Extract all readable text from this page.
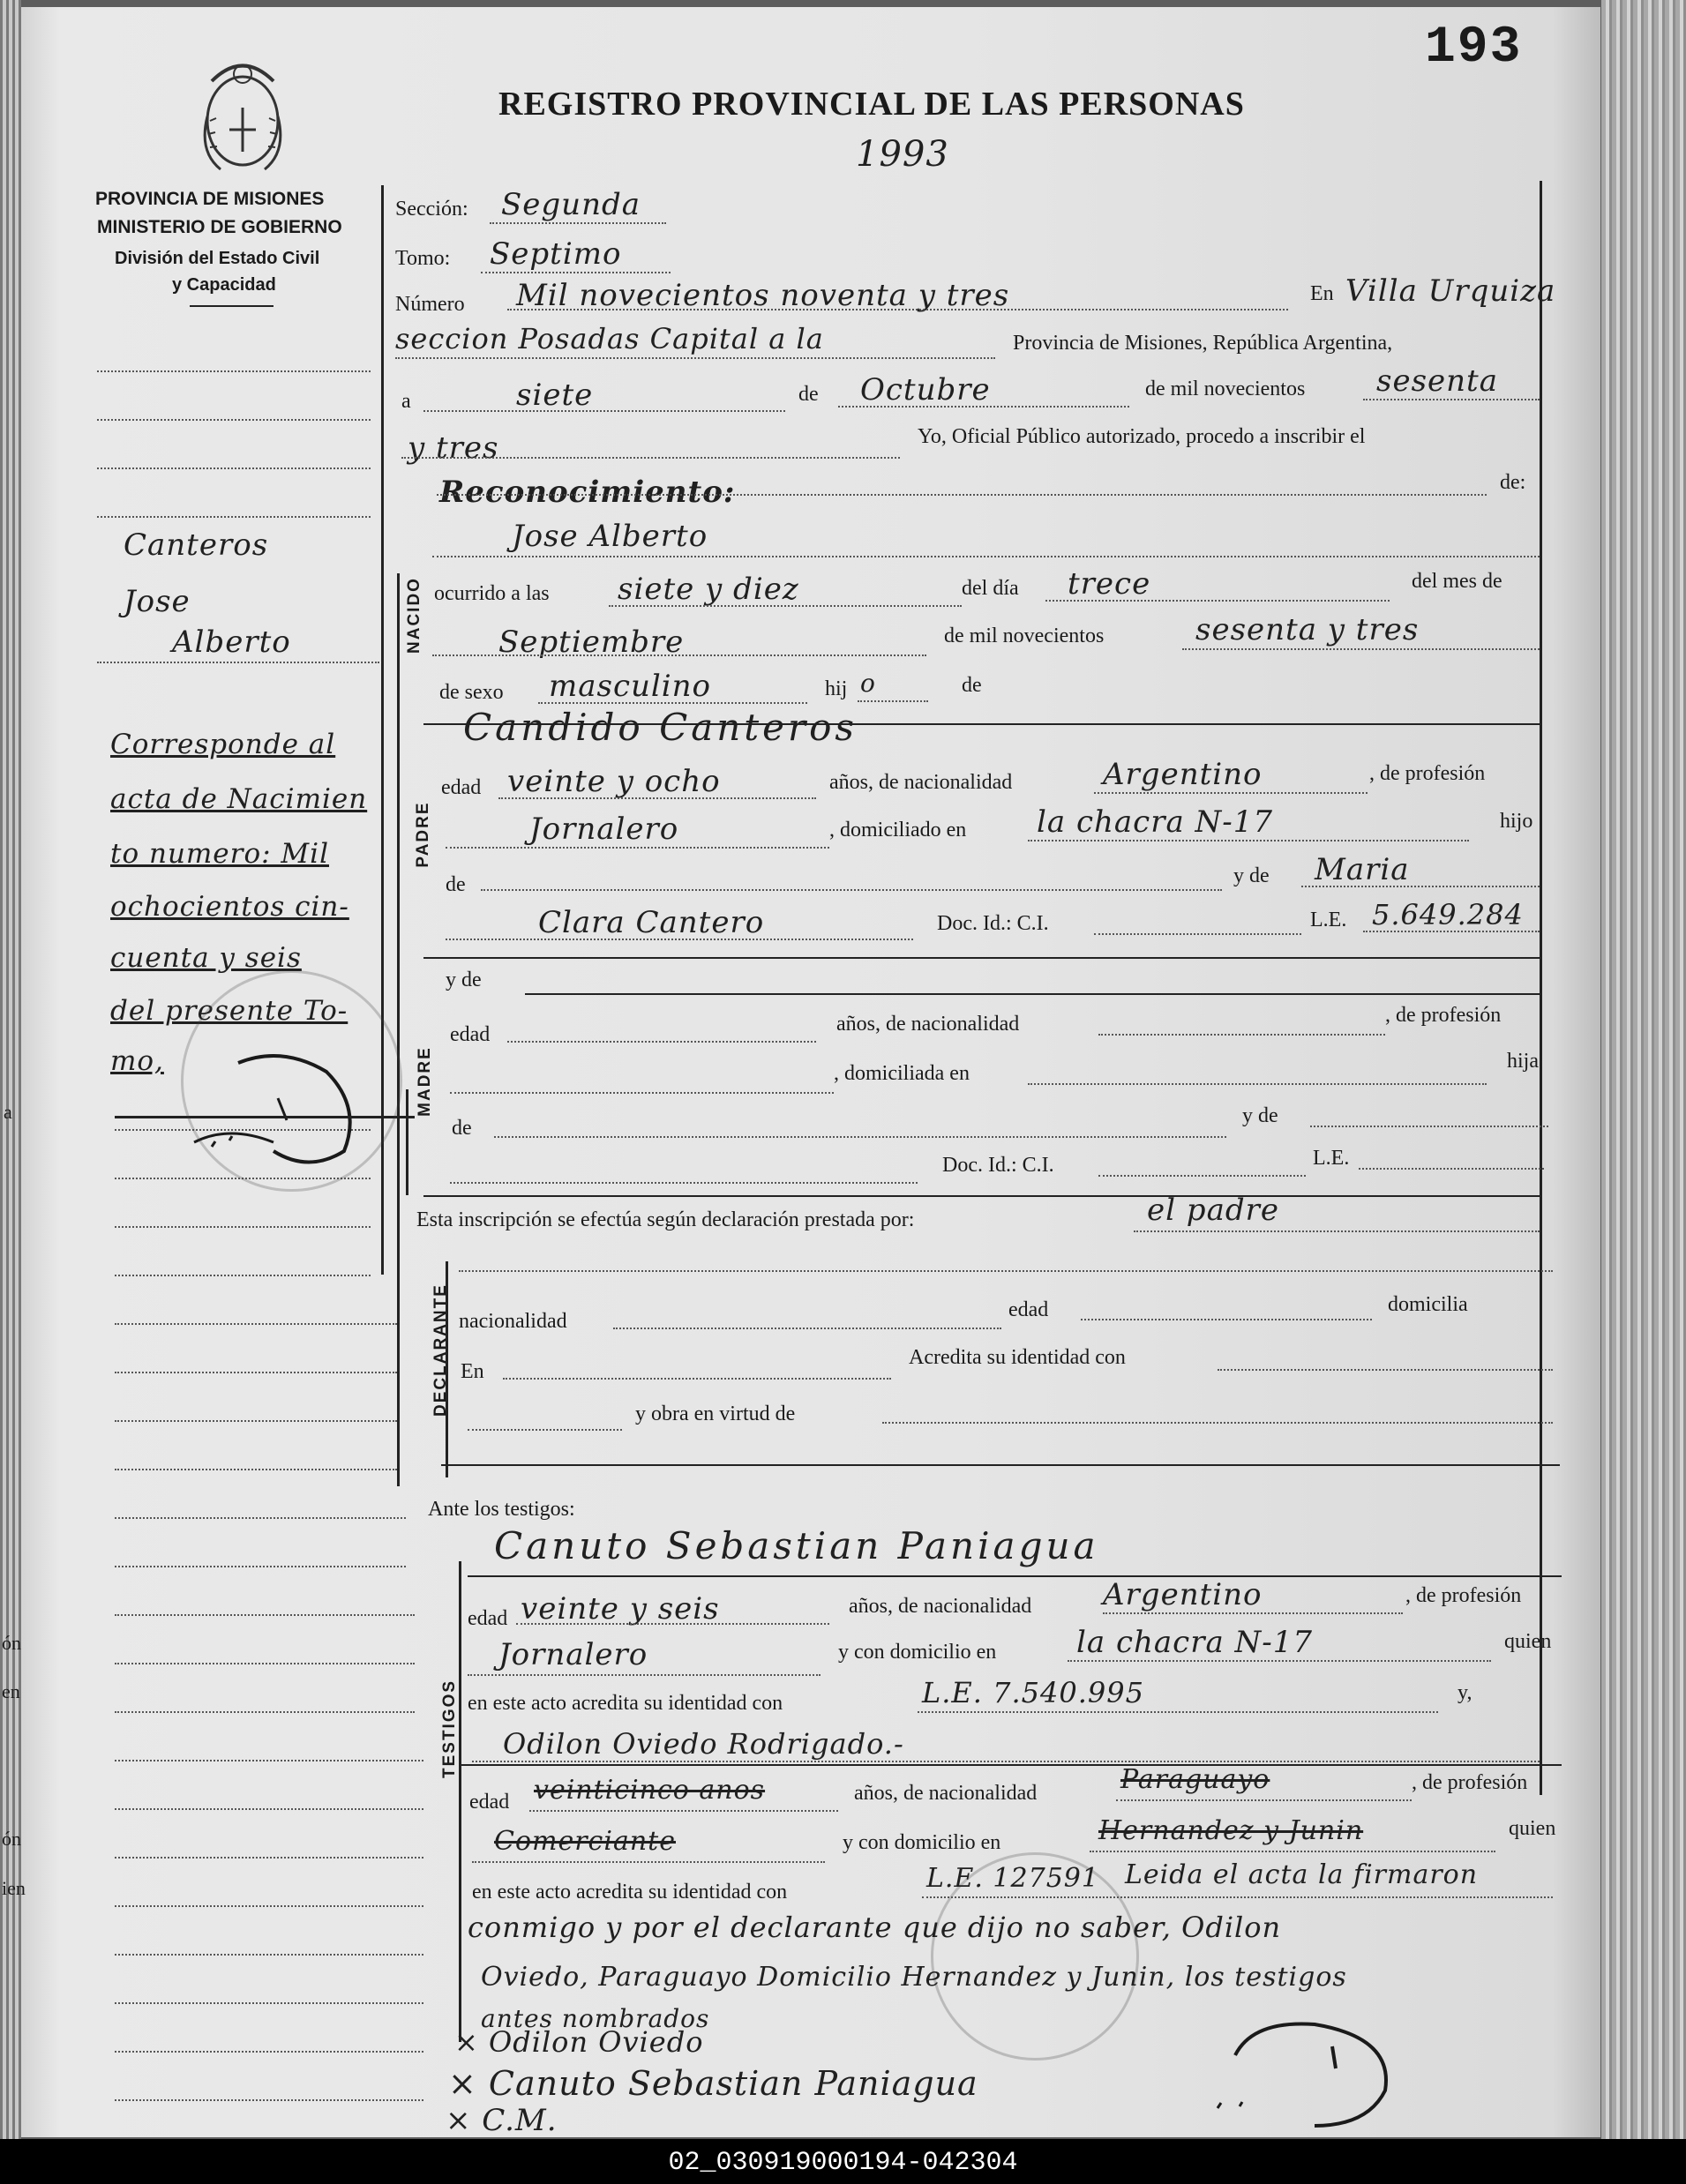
ón
en
ón
ien
a
193
REGISTRO PROVINCIAL DE LAS PERSONAS
1993
PROVINCIA DE MISIONES
MINISTERIO DE GOBIERNO
División del Estado Civil
y Capacidad
Canteros
Jose
Alberto
Corresponde al
acta de Nacimien
to numero: Mil
ochocientos cin-
cuenta y seis
del presente To-
mo,
Sección: Segunda
Tomo: Septimo
Número Mil novecientos noventa y tres	En Villa Urquiza
seccion Posadas Capital a la	Provincia de Misiones, República Argentina,
a	siete	de Octubre	de mil novecientos sesenta
y tres	Yo, Oficial Público autorizado, procedo a inscribir el
Reconocimiento:	de:
Jose Alberto
NACIDO ocurrido a las siete y diez	del día trece	del mes de
Septiembre	de mil novecientos	sesenta y tres
de sexo masculino	hij o	de
Candido Canteros
PADRE
edad veinte y ocho	años, de nacionalidad	Argentino	, de profesión
Jornalero	, domiciliado en la chacra N-17	hijo
de	y de Maria
Clara Cantero	Doc. Id.: C.I.	L.E. 5.649.284
y de
MADRE
edad	años, de nacionalidad	, de profesión
, domiciliada en
hija
de
y de
Doc. Id.: C.I.	L.E.
Esta inscripción se efectúa según declaración prestada por:	el padre
DECLARANTE nacionalidad	edad	domicilia
En
Acredita su identidad con
y obra en virtud de
Ante los testigos:
TESTIGOS
Canuto Sebastian Paniagua
edad veinte y seis	años, de nacionalidad Argentino	, de profesión
Jornalero	y con domicilio en	la chacra N-17	quien
en este acto acredita su identidad con	L.E. 7.540.995	y,
Odilon Oviedo Rodrigado.-
edad veinticinco anos	años, de nacionalidad	Paraguayo	, de profesión
Comerciante	y con domicilio en	Hernandez y Junin	quien
en este acto acredita su identidad con	L.E. 127591 Leida el acta la firmaron
conmigo y por el declarante que dijo no saber, Odilon
Oviedo, Paraguayo Domicilio Hernandez y Junin, los testigos
antes nombrados
× Odilon Oviedo
× Canuto Sebastian Paniagua
× C.M.
02_030919000194-042304
